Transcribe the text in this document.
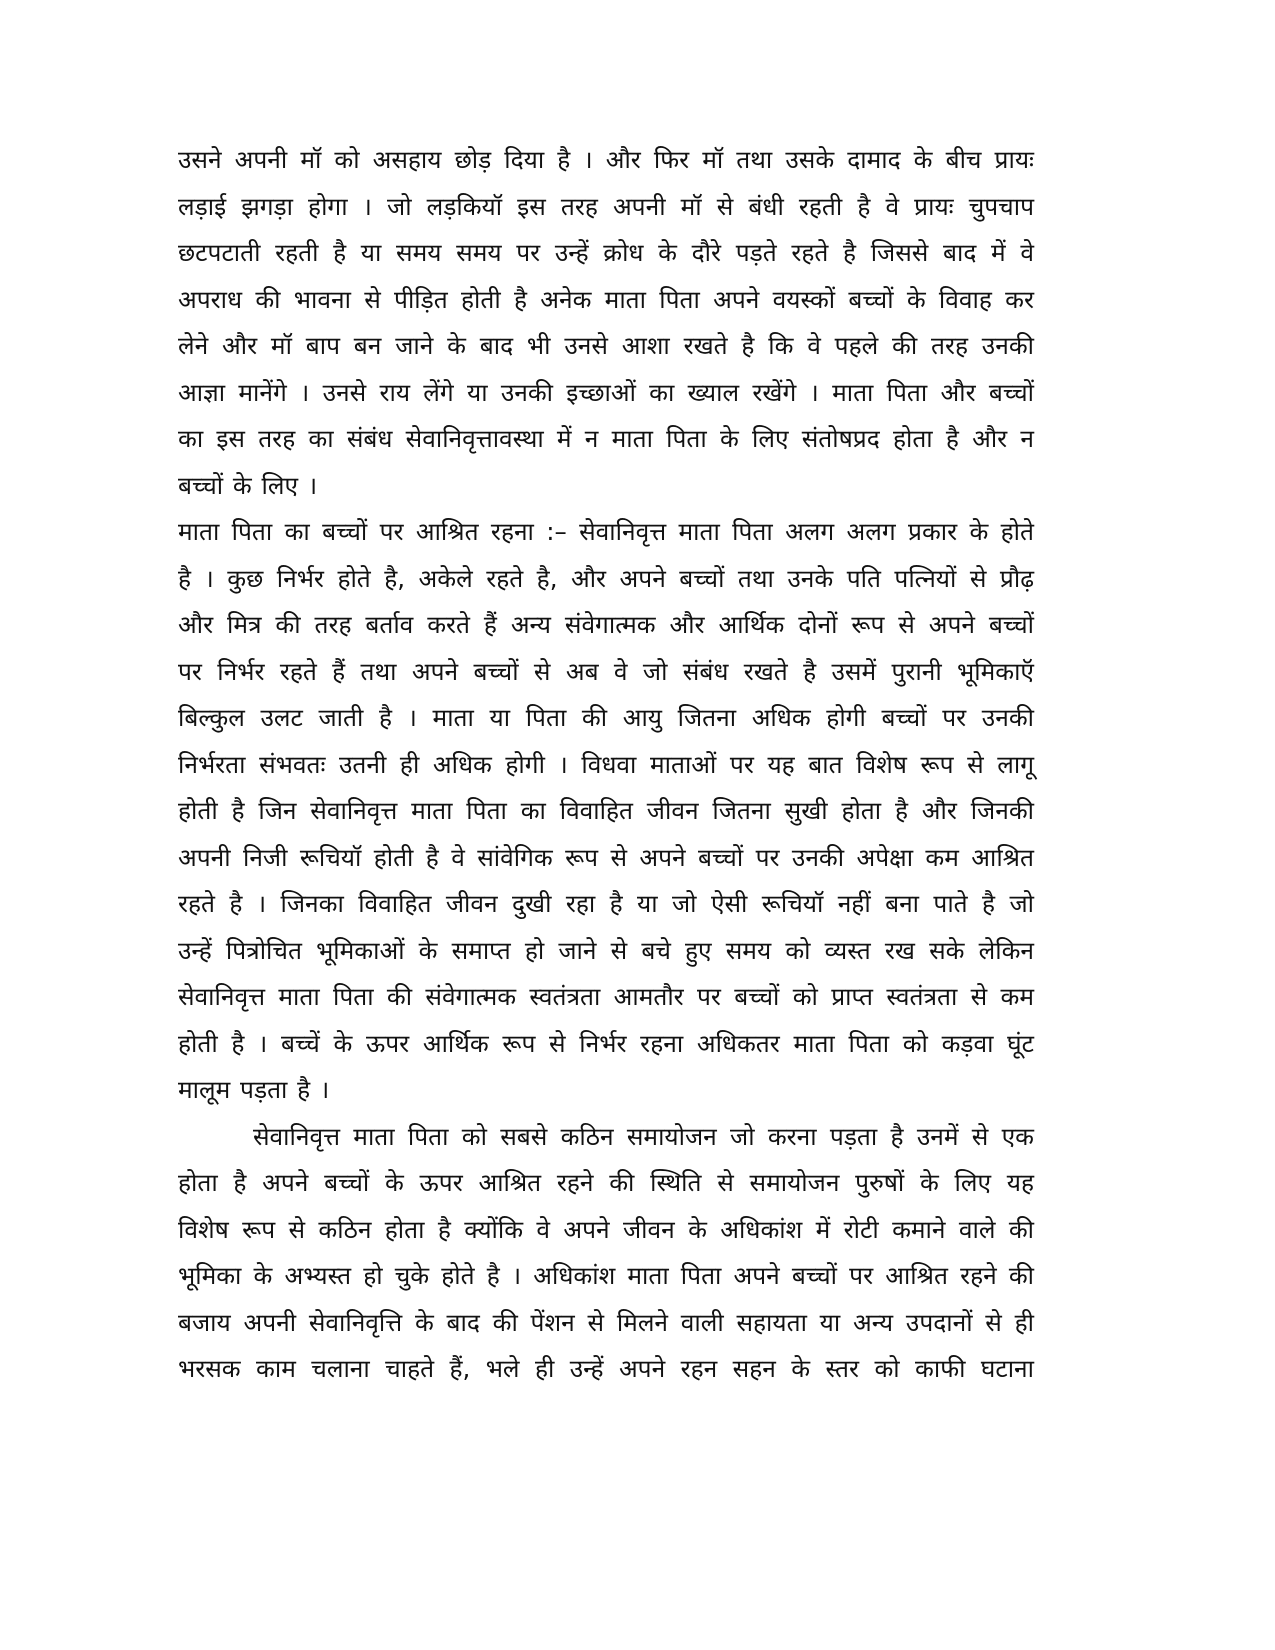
उसने अपनी मॉ को असहाय छोड़ दिया है । और फिर मॉ तथा उसके दामाद के बीच प्रायः
लड़ाई झगड़ा होगा । जो लड़कियॉ इस तरह अपनी मॉ से बंधी रहती है वे प्रायः चुपचाप
छटपटाती रहती है या समय समय पर उन्हें क्रोध के दौरे पड़ते रहते है जिससे बाद में वे
अपराध की भावना से पीड़ित होती है अनेक माता पिता अपने वयस्कों बच्चों के विवाह कर
लेने और मॉ बाप बन जाने के बाद भी उनसे आशा रखते है कि वे पहले की तरह उनकी
आज्ञा मानेंगे । उनसे राय लेंगे या उनकी इच्छाओं का ख्याल रखेंगे । माता पिता और बच्चों
का इस तरह का संबंध सेवानिवृत्तावस्था में न माता पिता के लिए संतोषप्रद होता है और न
बच्चों के लिए ।
माता पिता का बच्चों पर आश्रित रहना :– सेवानिवृत्त माता पिता अलग अलग प्रकार के होते
है । कुछ निर्भर होते है, अकेले रहते है, और अपने बच्चों तथा उनके पति पत्नियों से प्रौढ़
और मित्र की तरह बर्ताव करते हैं अन्य संवेगात्मक और आर्थिक दोनों रूप से अपने बच्चों
पर निर्भर रहते हैं तथा अपने बच्चों से अब वे जो संबंध रखते है उसमें पुरानी भूमिकाऍ
बिल्कुल उलट जाती है । माता या पिता की आयु जितना अधिक होगी बच्चों पर उनकी
निर्भरता संभवतः उतनी ही अधिक होगी । विधवा माताओं पर यह बात विशेष रूप से लागू
होती है जिन सेवानिवृत्त माता पिता का विवाहित जीवन जितना सुखी होता है और जिनकी
अपनी निजी रूचियॉ होती है वे सांवेगिक रूप से अपने बच्चों पर उनकी अपेक्षा कम आश्रित
रहते है । जिनका विवाहित जीवन दुखी रहा है या जो ऐसी रूचियॉ नहीं बना पाते है जो
उन्हें पित्रोचित भूमिकाओं के समाप्त हो जाने से बचे हुए समय को व्यस्त रख सके लेकिन
सेवानिवृत्त माता पिता की संवेगात्मक स्वतंत्रता आमतौर पर बच्चों को प्राप्त स्वतंत्रता से कम
होती है । बच्चें के ऊपर आर्थिक रूप से निर्भर रहना अधिकतर माता पिता को कड़वा घूंट
मालूम पड़ता है ।
सेवानिवृत्त माता पिता को सबसे कठिन समायोजन जो करना पड़ता है उनमें से एक
होता है अपने बच्चों के ऊपर आश्रित रहने की स्थिति से समायोजन पुरुषों के लिए यह
विशेष रूप से कठिन होता है क्योंकि वे अपने जीवन के अधिकांश में रोटी कमाने वाले की
भूमिका के अभ्यस्त हो चुके होते है । अधिकांश माता पिता अपने बच्चों पर आश्रित रहने की
बजाय अपनी सेवानिवृत्ति के बाद की पेंशन से मिलने वाली सहायता या अन्य उपदानों से ही
भरसक काम चलाना चाहते हैं, भले ही उन्हें अपने रहन सहन के स्तर को काफी घटाना
